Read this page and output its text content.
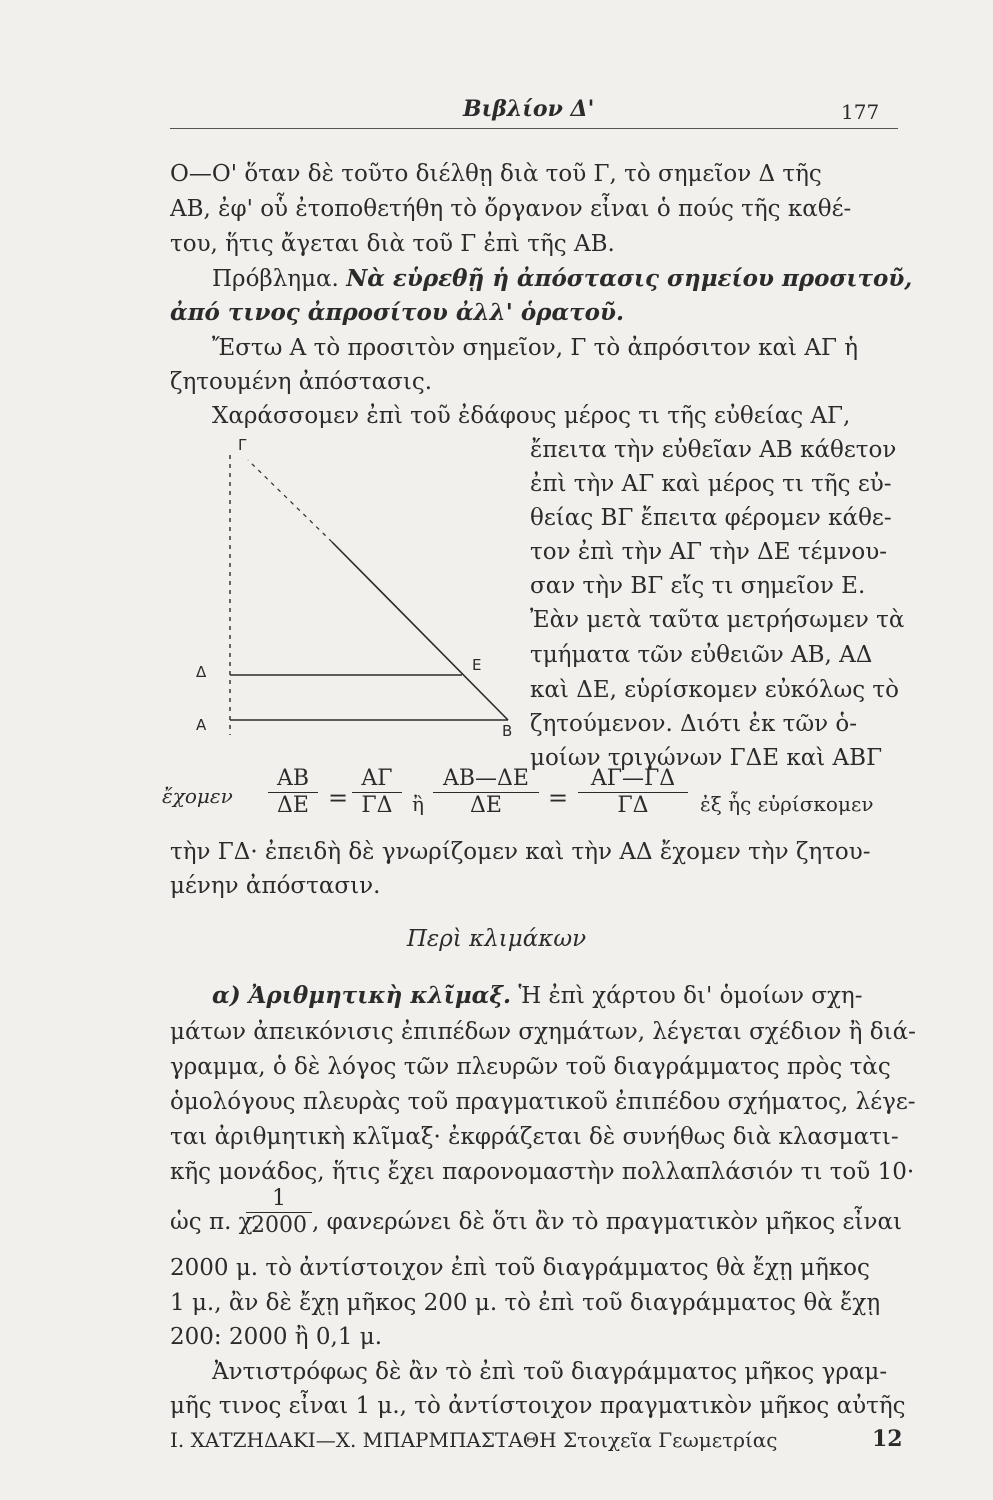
Βιβλίον Δ'	177
Ο—Ο' ὅταν δὲ τοῦτο διέλθῃ διὰ τοῦ Γ, τὸ σημεῖον Δ τῆς
ΑΒ, ἐφ' οὗ ἐτοποθετήθη τὸ ὄργανον εἶναι ὁ πούς τῆς καθέ-
του, ἥτις ἄγεται διὰ τοῦ Γ ἐπὶ τῆς ΑΒ.
Πρόβλημα. Νὰ εὑρεθῇ ἡ ἀπόστασις σημείου προσιτοῦ,
ἀπό τινος ἀπροσίτου ἀλλ' ὁρατοῦ.
Ἔστω Α τὸ προσιτὸν σημεῖον, Γ τὸ ἀπρόσιτον καὶ ΑΓ ἡ
ζητουμένη ἀπόστασις.
Χαράσσομεν ἐπὶ τοῦ ἐδάφους μέρος τι τῆς εὐθείας ΑΓ,
ἔπειτα τὴν εὐθεῖαν ΑΒ κάθετον
ἐπὶ τὴν ΑΓ καὶ μέρος τι τῆς εὐ-
θείας ΒΓ ἔπειτα φέρομεν κάθε-
τον ἐπὶ τὴν ΑΓ τὴν ΔΕ τέμνου-
σαν τὴν ΒΓ εἴς τι σημεῖον Ε.
Ἐὰν μετὰ ταῦτα μετρήσωμεν τὰ
τμήματα τῶν εὐθειῶν ΑΒ, ΑΔ
καὶ ΔΕ, εὑρίσκομεν εὐκόλως τὸ
ζητούμενον. Διότι ἐκ τῶν ὁ-
μοίων τριγώνων ΓΔΕ καὶ ΑΒΓ
Γ
Δ	Ε
Α	Β
ἔχομεν $\frac{AB}{\Delta E} = \frac{A\Gamma}{\Gamma\Delta}$ ἢ $\frac{AB—\Delta E}{\Delta E} = \frac{A\Gamma—\Gamma\Delta}{\Gamma\Delta}$ ἐξ ἧς εὑρίσκομεν
τὴν ΓΔ· ἐπειδὴ δὲ γνωρίζομεν καὶ τὴν ΑΔ ἔχομεν τὴν ζητου-
μένην ἀπόστασιν.
Περὶ κλιμάκων
α) Ἀριθμητικὴ κλῖμαξ. Ἡ ἐπὶ χάρτου δι' ὁμοίων σχη-
μάτων ἀπεικόνισις ἐπιπέδων σχημάτων, λέγεται σχέδιον ἢ διά-
γραμμα, ὁ δὲ λόγος τῶν πλευρῶν τοῦ διαγράμματος πρὸς τὰς
ὁμολόγους πλευρὰς τοῦ πραγματικοῦ ἐπιπέδου σχήματος, λέγε-
ται ἀριθμητικὴ κλῖμαξ· ἐκφράζεται δὲ συνήθως διὰ κλασματι-
κῆς μονάδος, ἥτις ἔχει παρονομαστὴν πολλαπλάσιόν τι τοῦ 10·
ὡς π. χ.
$\frac{1}{2000}$ , φανερώνει δὲ ὅτι ἂν τὸ πραγματικὸν μῆκος εἶναι
2000 μ. τὸ ἀντίστοιχον ἐπὶ τοῦ διαγράμματος θὰ ἔχῃ μῆκος
1 μ., ἂν δὲ ἔχῃ μῆκος 200 μ. τὸ ἐπὶ τοῦ διαγράμματος θὰ ἔχῃ
200: 2000 ἢ 0,1 μ.
Ἀντιστρόφως δὲ ἂν τὸ ἐπὶ τοῦ διαγράμματος μῆκος γραμ-
μῆς τινος εἶναι 1 μ., τὸ ἀντίστοιχον πραγματικὸν μῆκος αὐτῆς
Ι. ΧΑΤΖΗΔΑΚΙ—Χ. ΜΠΑΡΜΠΑΣΤΑΘΗ Στοιχεῖα Γεωμετρίας	12
